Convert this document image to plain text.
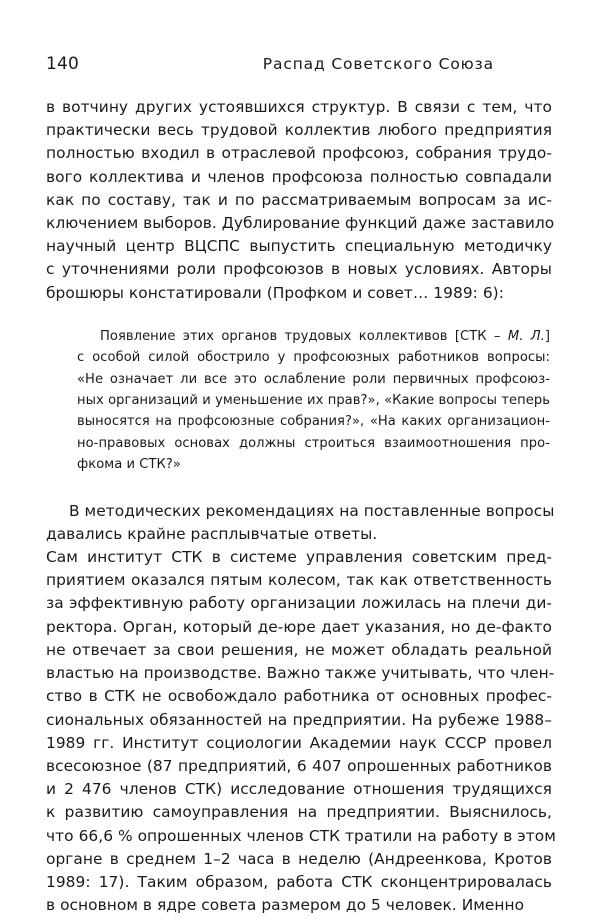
140	Распад Советского Союза

в вотчину других устоявшихся структур. В связи с тем, что
практически весь трудовой коллектив любого предприятия
полностью входил в отраслевой профсоюз, собрания трудо-
вого коллектива и членов профсоюза полностью совпадали
как по составу, так и по рассматриваемым вопросам за ис-
ключением выборов. Дублирование функций даже заставило
научный центр ВЦСПС выпустить специальную методичку
с уточнениями роли профсоюзов в новых условиях. Авторы
брошюры констатировали (Профком и совет… 1989: 6):

Появление этих органов трудовых коллективов [СТК – М. Л.]
с особой силой обострило у профсоюзных работников вопросы:
«Не означает ли все это ослабление роли первичных профсоюз-
ных организаций и уменьшение их прав?», «Какие вопросы теперь
выносятся на профсоюзные собрания?», «На каких организацион-
но-правовых основах должны строиться взаимоотношения про-
фкома и СТК?»

В методических рекомендациях на поставленные вопросы
давались крайне расплывчатые ответы.

Сам институт СТК в системе управления советским пред-
приятием оказался пятым колесом, так как ответственность
за эффективную работу организации ложилась на плечи ди-
ректора. Орган, который де-юре дает указания, но де-факто
не отвечает за свои решения, не может обладать реальной
властью на производстве. Важно также учитывать, что член-
ство в СТК не освобождало работника от основных профес-
сиональных обязанностей на предприятии. На рубеже 1988–
1989 гг. Институт социологии Академии наук СССР провел
всесоюзное (87 предприятий, 6 407 опрошенных работников
и 2 476 членов СТК) исследование отношения трудящихся
к развитию самоуправления на предприятии. Выяснилось,
что 66,6 % опрошенных членов СТК тратили на работу в этом
органе в среднем 1–2 часа в неделю (Андреенкова, Кротов
1989: 17). Таким образом, работа СТК сконцентрировалась
в основном в ядре совета размером до 5 человек. Именно
